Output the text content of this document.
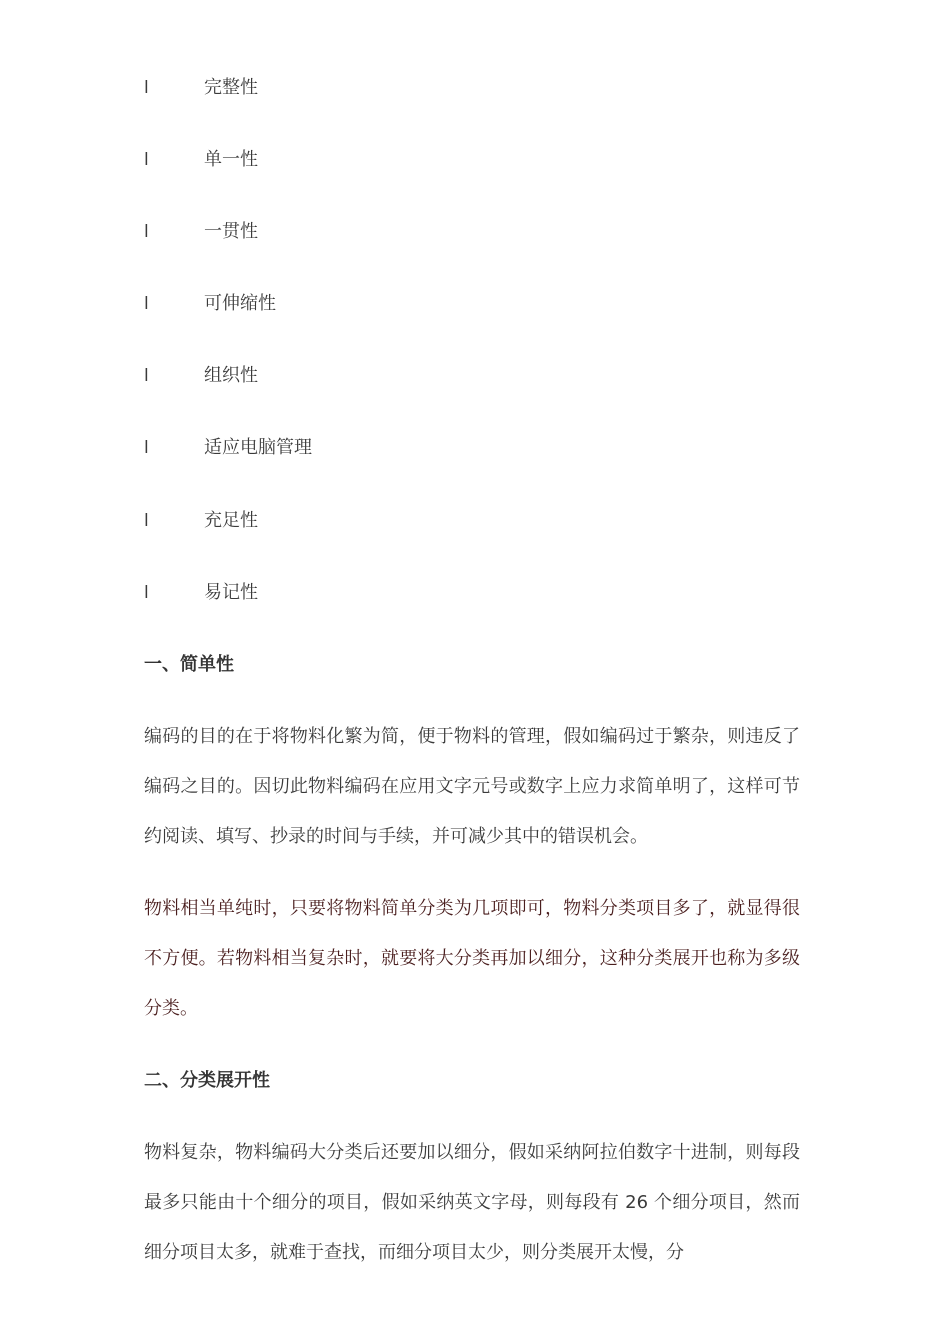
l	完整性
l	单一性
l	一贯性
l	可伸缩性
l	组织性
l	适应电脑管理
l	充足性
l	易记性
一、简单性

编码的目的在于将物料化繁为简，便于物料的管理，假如编码过于繁杂，则违反了编码之目的。因切此物料编码在应用文字元号或数字上应力求简单明了，这样可节约阅读、填写、抄录的时间与手续，并可减少其中的错误机会。

物料相当单纯时，只要将物料简单分类为几项即可，物料分类项目多了，就显得很不方便。若物料相当复杂时，就要将大分类再加以细分，这种分类展开也称为多级分类。

二、分类展开性

物料复杂，物料编码大分类后还要加以细分，假如采纳阿拉伯数字十进制，则每段最多只能由十个细分的项目，假如采纳英文字母，则每段有 26 个细分项目，然而细分项目太多，就难于查找，而细分项目太少，则分类展开太慢，分
